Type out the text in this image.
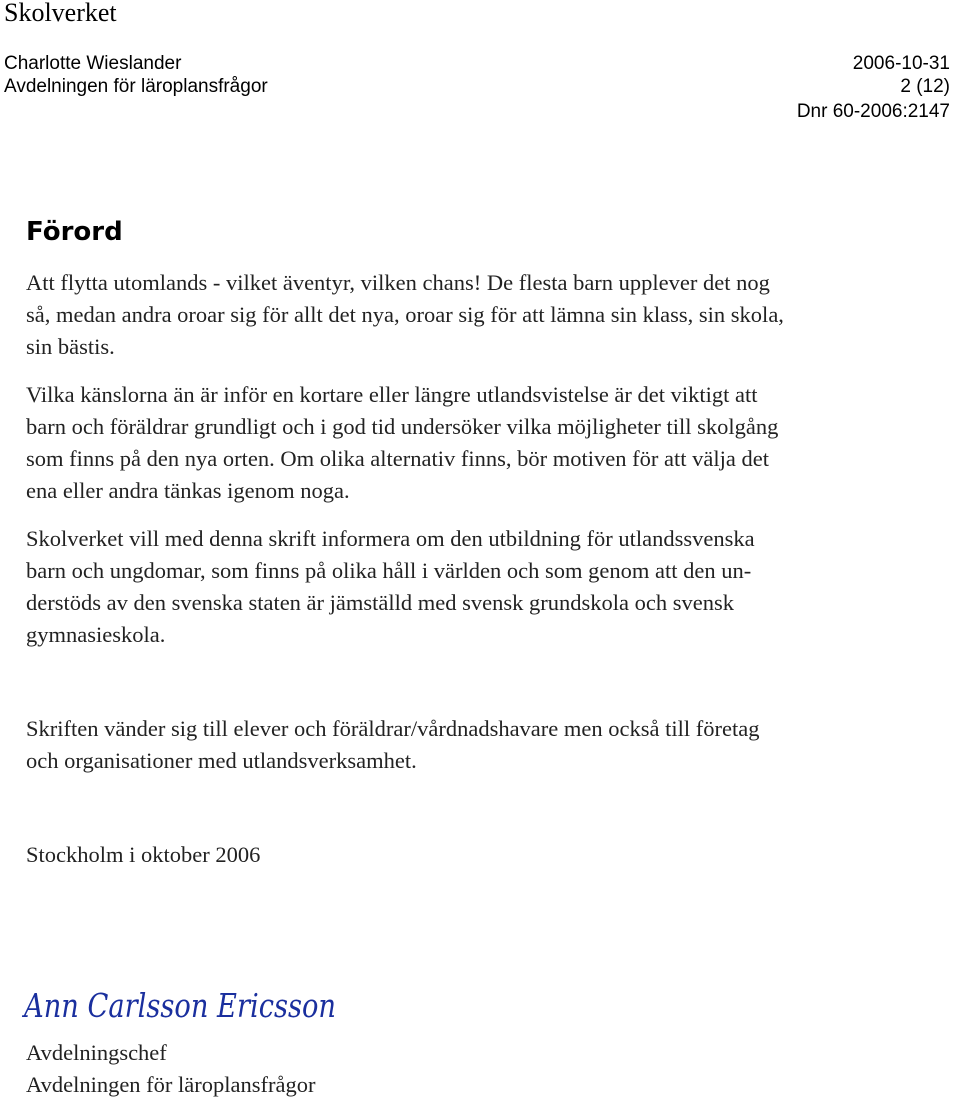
Skolverket
Charlotte Wieslander	2006-10-31
Avdelningen för läroplansfrågor	2 (12)
Dnr 60-2006:2147
Förord

Att flytta utomlands - vilket äventyr, vilken chans! De flesta barn upplever det nog
så, medan andra oroar sig för allt det nya, oroar sig för att lämna sin klass, sin skola,
sin bästis.

Vilka känslorna än är inför en kortare eller längre utlandsvistelse är det viktigt att
barn och föräldrar grundligt och i god tid undersöker vilka möjligheter till skolgång
som finns på den nya orten. Om olika alternativ finns, bör motiven för att välja det
ena eller andra tänkas igenom noga.

Skolverket vill med denna skrift informera om den utbildning för utlandssvenska
barn och ungdomar, som finns på olika håll i världen och som genom att den un-
derstöds av den svenska staten är jämställd med svensk grundskola och svensk
gymnasieskola.

Skriften vänder sig till elever och föräldrar/vårdnadshavare men också till företag
och organisationer med utlandsverksamhet.

Stockholm i oktober 2006
Ann Carlsson Ericsson
Avdelningschef
Avdelningen för läroplansfrågor
